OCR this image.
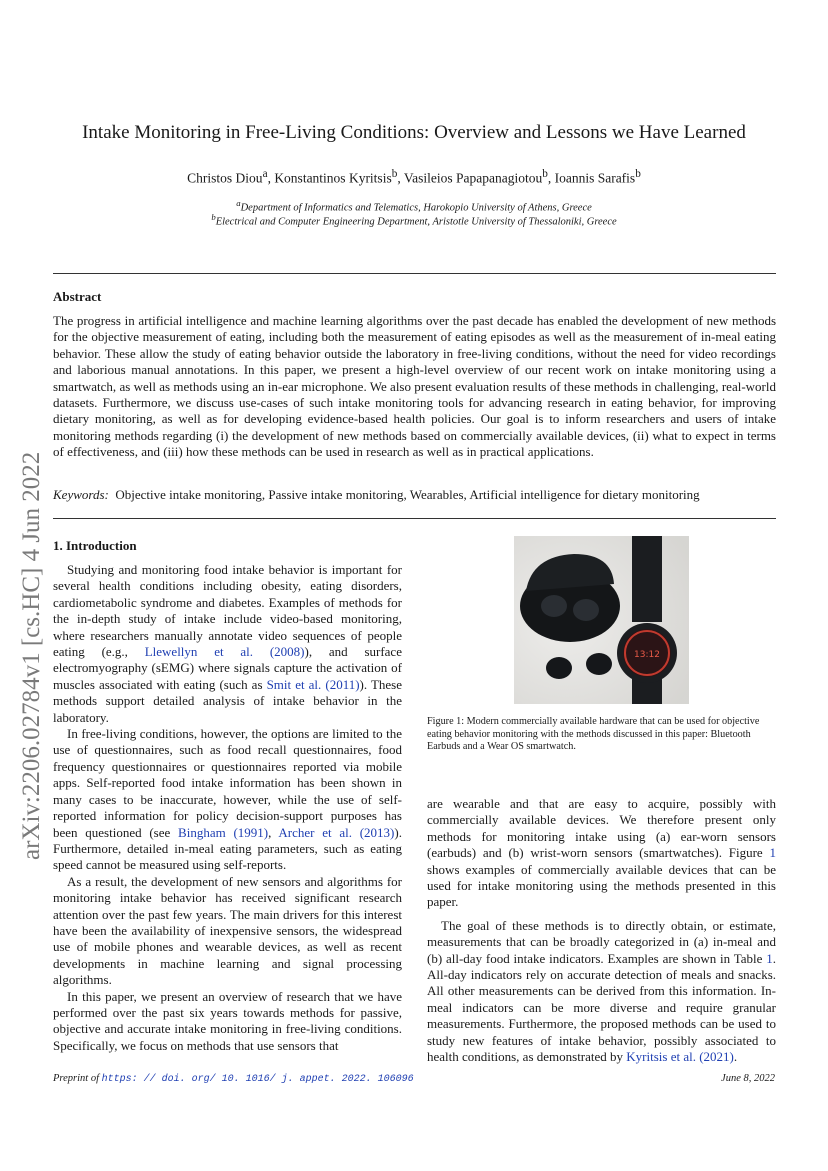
arXiv:2206.02784v1 [cs.HC] 4 Jun 2022
Intake Monitoring in Free-Living Conditions: Overview and Lessons we Have Learned
Christos Diou$^a$, Konstantinos Kyritsis$^b$, Vasileios Papapanagiotou$^b$, Ioannis Sarafis$^b$
$^a$Department of Informatics and Telematics, Harokopio University of Athens, Greece
$^b$Electrical and Computer Engineering Department, Aristotle University of Thessaloniki, Greece
Abstract
The progress in artificial intelligence and machine learning algorithms over the past decade has enabled the development of new methods for the objective measurement of eating, including both the measurement of eating episodes as well as the measurement of in-meal eating behavior. These allow the study of eating behavior outside the laboratory in free-living conditions, without the need for video recordings and laborious manual annotations. In this paper, we present a high-level overview of our recent work on intake monitoring using a smartwatch, as well as methods using an in-ear microphone. We also present evaluation results of these methods in challenging, real-world datasets. Furthermore, we discuss use-cases of such intake monitoring tools for advancing research in eating behavior, for improving dietary monitoring, as well as for developing evidence-based health policies. Our goal is to inform researchers and users of intake monitoring methods regarding (i) the development of new methods based on commercially available devices, (ii) what to expect in terms of effectiveness, and (iii) how these methods can be used in research as well as in practical applications.
Keywords: Objective intake monitoring, Passive intake monitoring, Wearables, Artificial intelligence for dietary monitoring
1. Introduction

Studying and monitoring food intake behavior is important for several health conditions including obesity, eating disorders, cardiometabolic syndrome and diabetes. Examples of methods for the in-depth study of intake include video-based monitoring, where researchers manually annotate video sequences of people eating (e.g., Llewellyn et al. (2008)), and surface electromyography (sEMG) where signals capture the activation of muscles associated with eating (such as Smit et al. (2011)). These methods support detailed analysis of intake behavior in the laboratory.

In free-living conditions, however, the options are limited to the use of questionnaires, such as food recall questionnaires, food frequency questionnaires or questionnaires reported via mobile apps. Self-reported food intake information has been shown in many cases to be inaccurate, however, while the use of self-reported information for policy decision-support purposes has been questioned (see Bingham (1991), Archer et al. (2013)). Furthermore, detailed in-meal eating parameters, such as eating speed cannot be measured using self-reports.

As a result, the development of new sensors and algorithms for monitoring intake behavior has received significant research attention over the past few years. The main drivers for this interest have been the availability of inexpensive sensors, the widespread use of mobile phones and wearable devices, as well as recent developments in machine learning and signal processing algorithms.

In this paper, we present an overview of research that we have performed over the past six years towards methods for passive, objective and accurate intake monitoring in free-living conditions. Specifically, we focus on methods that use sensors that

13:12
Figure 1: Modern commercially available hardware that can be used for objective eating behavior monitoring with the methods discussed in this paper: Bluetooth Earbuds and a Wear OS smartwatch.

are wearable and that are easy to acquire, possibly with commercially available devices. We therefore present only methods for monitoring intake using (a) ear-worn sensors (earbuds) and (b) wrist-worn sensors (smartwatches). Figure 1 shows examples of commercially available devices that can be used for intake monitoring using the methods presented in this paper.

The goal of these methods is to directly obtain, or estimate, measurements that can be broadly categorized in (a) in-meal and (b) all-day food intake indicators. Examples are shown in Table 1. All-day indicators rely on accurate detection of meals and snacks. All other measurements can be derived from this information. In-meal indicators can be more diverse and require granular measurements. Furthermore, the proposed methods can be used to study new features of intake behavior, possibly associated to health conditions, as demonstrated by Kyritsis et al. (2021).

Preprint of https: // doi. org/ 10. 1016/ j. appet. 2022. 106096	June 8, 2022
